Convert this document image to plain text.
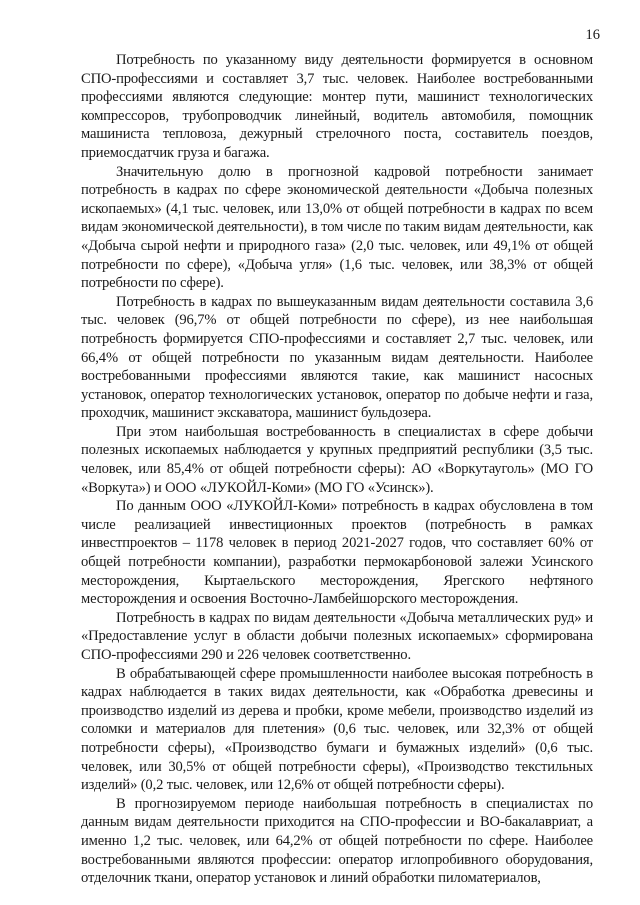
16

Потребность по указанному виду деятельности формируется в основном СПО-профессиями и составляет 3,7 тыс. человек. Наиболее востребованными профессиями являются следующие: монтер пути, машинист технологических компрессоров, трубопроводчик линейный, водитель автомобиля, помощник машиниста тепловоза, дежурный стрелочного поста, составитель поездов, приемосдатчик груза и багажа.

Значительную долю в прогнозной кадровой потребности занимает потребность в кадрах по сфере экономической деятельности «Добыча полезных ископаемых» (4,1 тыс. человек, или 13,0% от общей потребности в кадрах по всем видам экономической деятельности), в том числе по таким видам деятельности, как «Добыча сырой нефти и природного газа» (2,0 тыс. человек, или 49,1% от общей потребности по сфере), «Добыча угля» (1,6 тыс. человек, или 38,3% от общей потребности по сфере).

Потребность в кадрах по вышеуказанным видам деятельности составила 3,6 тыс. человек (96,7% от общей потребности по сфере), из нее наибольшая потребность формируется СПО-профессиями и составляет 2,7 тыс. человек, или 66,4% от общей потребности по указанным видам деятельности. Наиболее востребованными профессиями являются такие, как машинист насосных установок, оператор технологических установок, оператор по добыче нефти и газа, проходчик, машинист экскаватора, машинист бульдозера.

При этом наибольшая востребованность в специалистах в сфере добычи полезных ископаемых наблюдается у крупных предприятий республики (3,5 тыс. человек, или 85,4% от общей потребности сферы): АО «Воркутауголь» (МО ГО «Воркута») и ООО «ЛУКОЙЛ-Коми» (МО ГО «Усинск»).

По данным ООО «ЛУКОЙЛ-Коми» потребность в кадрах обусловлена в том числе реализацией инвестиционных проектов (потребность в рамках инвестпроектов – 1178 человек в период 2021-2027 годов, что составляет 60% от общей потребности компании), разработки пермокарбоновой залежи Усинского месторождения, Кыртаельского месторождения, Ярегского нефтяного месторождения и освоения Восточно-Ламбейшорского месторождения.

Потребность в кадрах по видам деятельности «Добыча металлических руд» и «Предоставление услуг в области добычи полезных ископаемых» сформирована СПО-профессиями 290 и 226 человек соответственно.

В обрабатывающей сфере промышленности наиболее высокая потребность в кадрах наблюдается в таких видах деятельности, как «Обработка древесины и производство изделий из дерева и пробки, кроме мебели, производство изделий из соломки и материалов для плетения» (0,6 тыс. человек, или 32,3% от общей потребности сферы), «Производство бумаги и бумажных изделий» (0,6 тыс. человек, или 30,5% от общей потребности сферы), «Производство текстильных изделий» (0,2 тыс. человек, или 12,6% от общей потребности сферы).

В прогнозируемом периоде наибольшая потребность в специалистах по данным видам деятельности приходится на СПО-профессии и ВО-бакалавриат, а именно 1,2 тыс. человек, или 64,2% от общей потребности по сфере. Наиболее востребованными являются профессии: оператор иглопробивного оборудования, отделочник ткани, оператор установок и линий обработки пиломатериалов,
